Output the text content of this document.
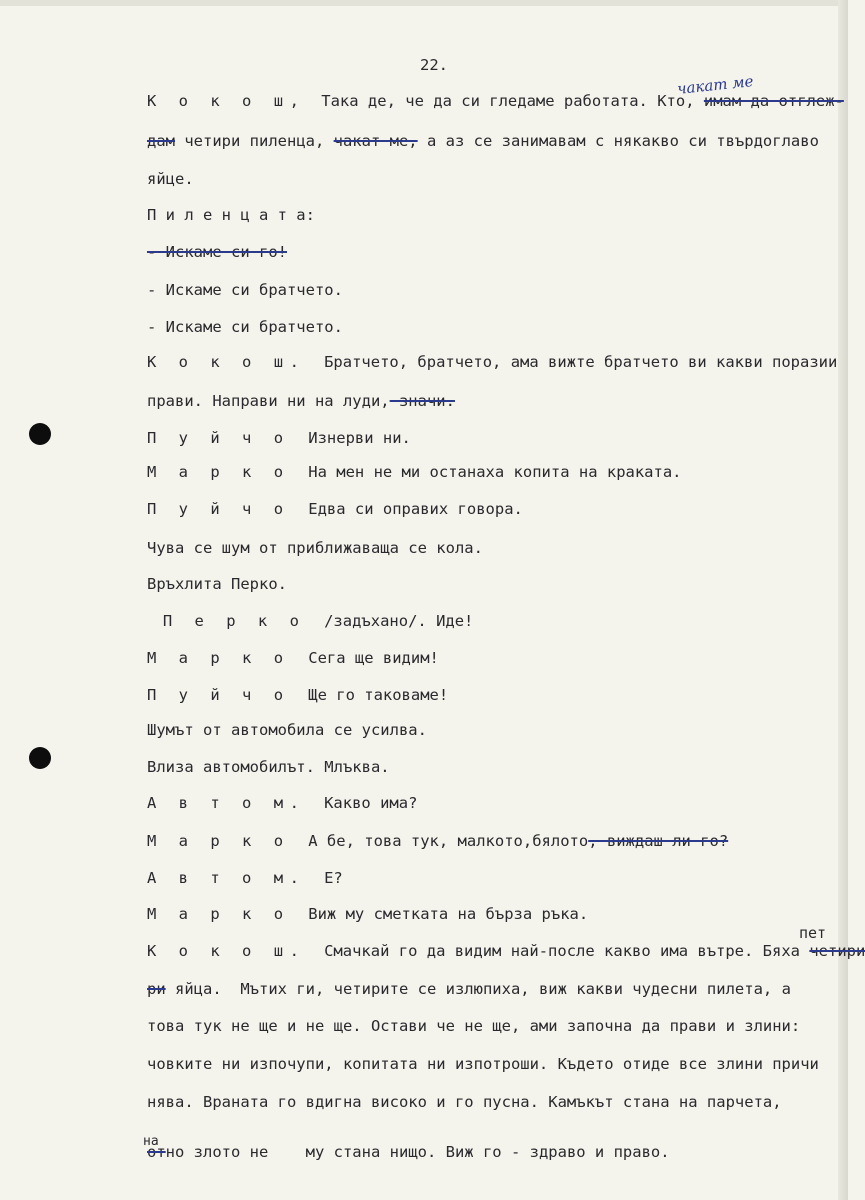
22.
К о к о ш, Така де, че да си гледаме работата. Кто, имам да отглеж-
чакат ме
дам четири пиленца, чакат ме, а аз се занимавам с някакво си твърдоглаво
яйце.
П и л е н ц а т а:
- Искаме си го!
- Искаме си братчето.
- Искаме си братчето.
К о к о ш.  Братчето, братчето, ама вижте братчето ви какви поразии
прави. Направи ни на луди, значи.
П у й ч о  Изнерви ни.
М а р к о  На мен не ми останаха копита на краката.
П у й ч о  Едва си оправих говора.
Чува се шум от приближаваща се кола.
Връхлита Перко.
П е р к о  /задъхано/. Иде!
М а р к о  Сега ще видим!
П у й ч о  Ще го таковаме!
Шумът от автомобила се усилва.
Влиза автомобилът. Млъква.
А в т о м.  Какво има?
М а р к о  А бе, това тук, малкото,бялото, виждаш ли го?
А в т о м.  Е?
М а р к о  Виж му сметката на бърза ръка.
К о к о ш.  Смачкай го да видим най-после какво има вътре. Бяха четири
пет
ри яйца.  Мътих ги, четирите се излюпиха, виж какви чудесни пилета, а
това тук не ще и не ще. Остави че не ще, ами започна да прави и злини:
човките ни изпочупи, копитата ни изпотроши. Където отиде все злини причи
нява. Враната го вдигна високо и го пусна. Камъкът стана на парчета,
отно злото не    му стана нищо. Виж го - здраво и право.
на
